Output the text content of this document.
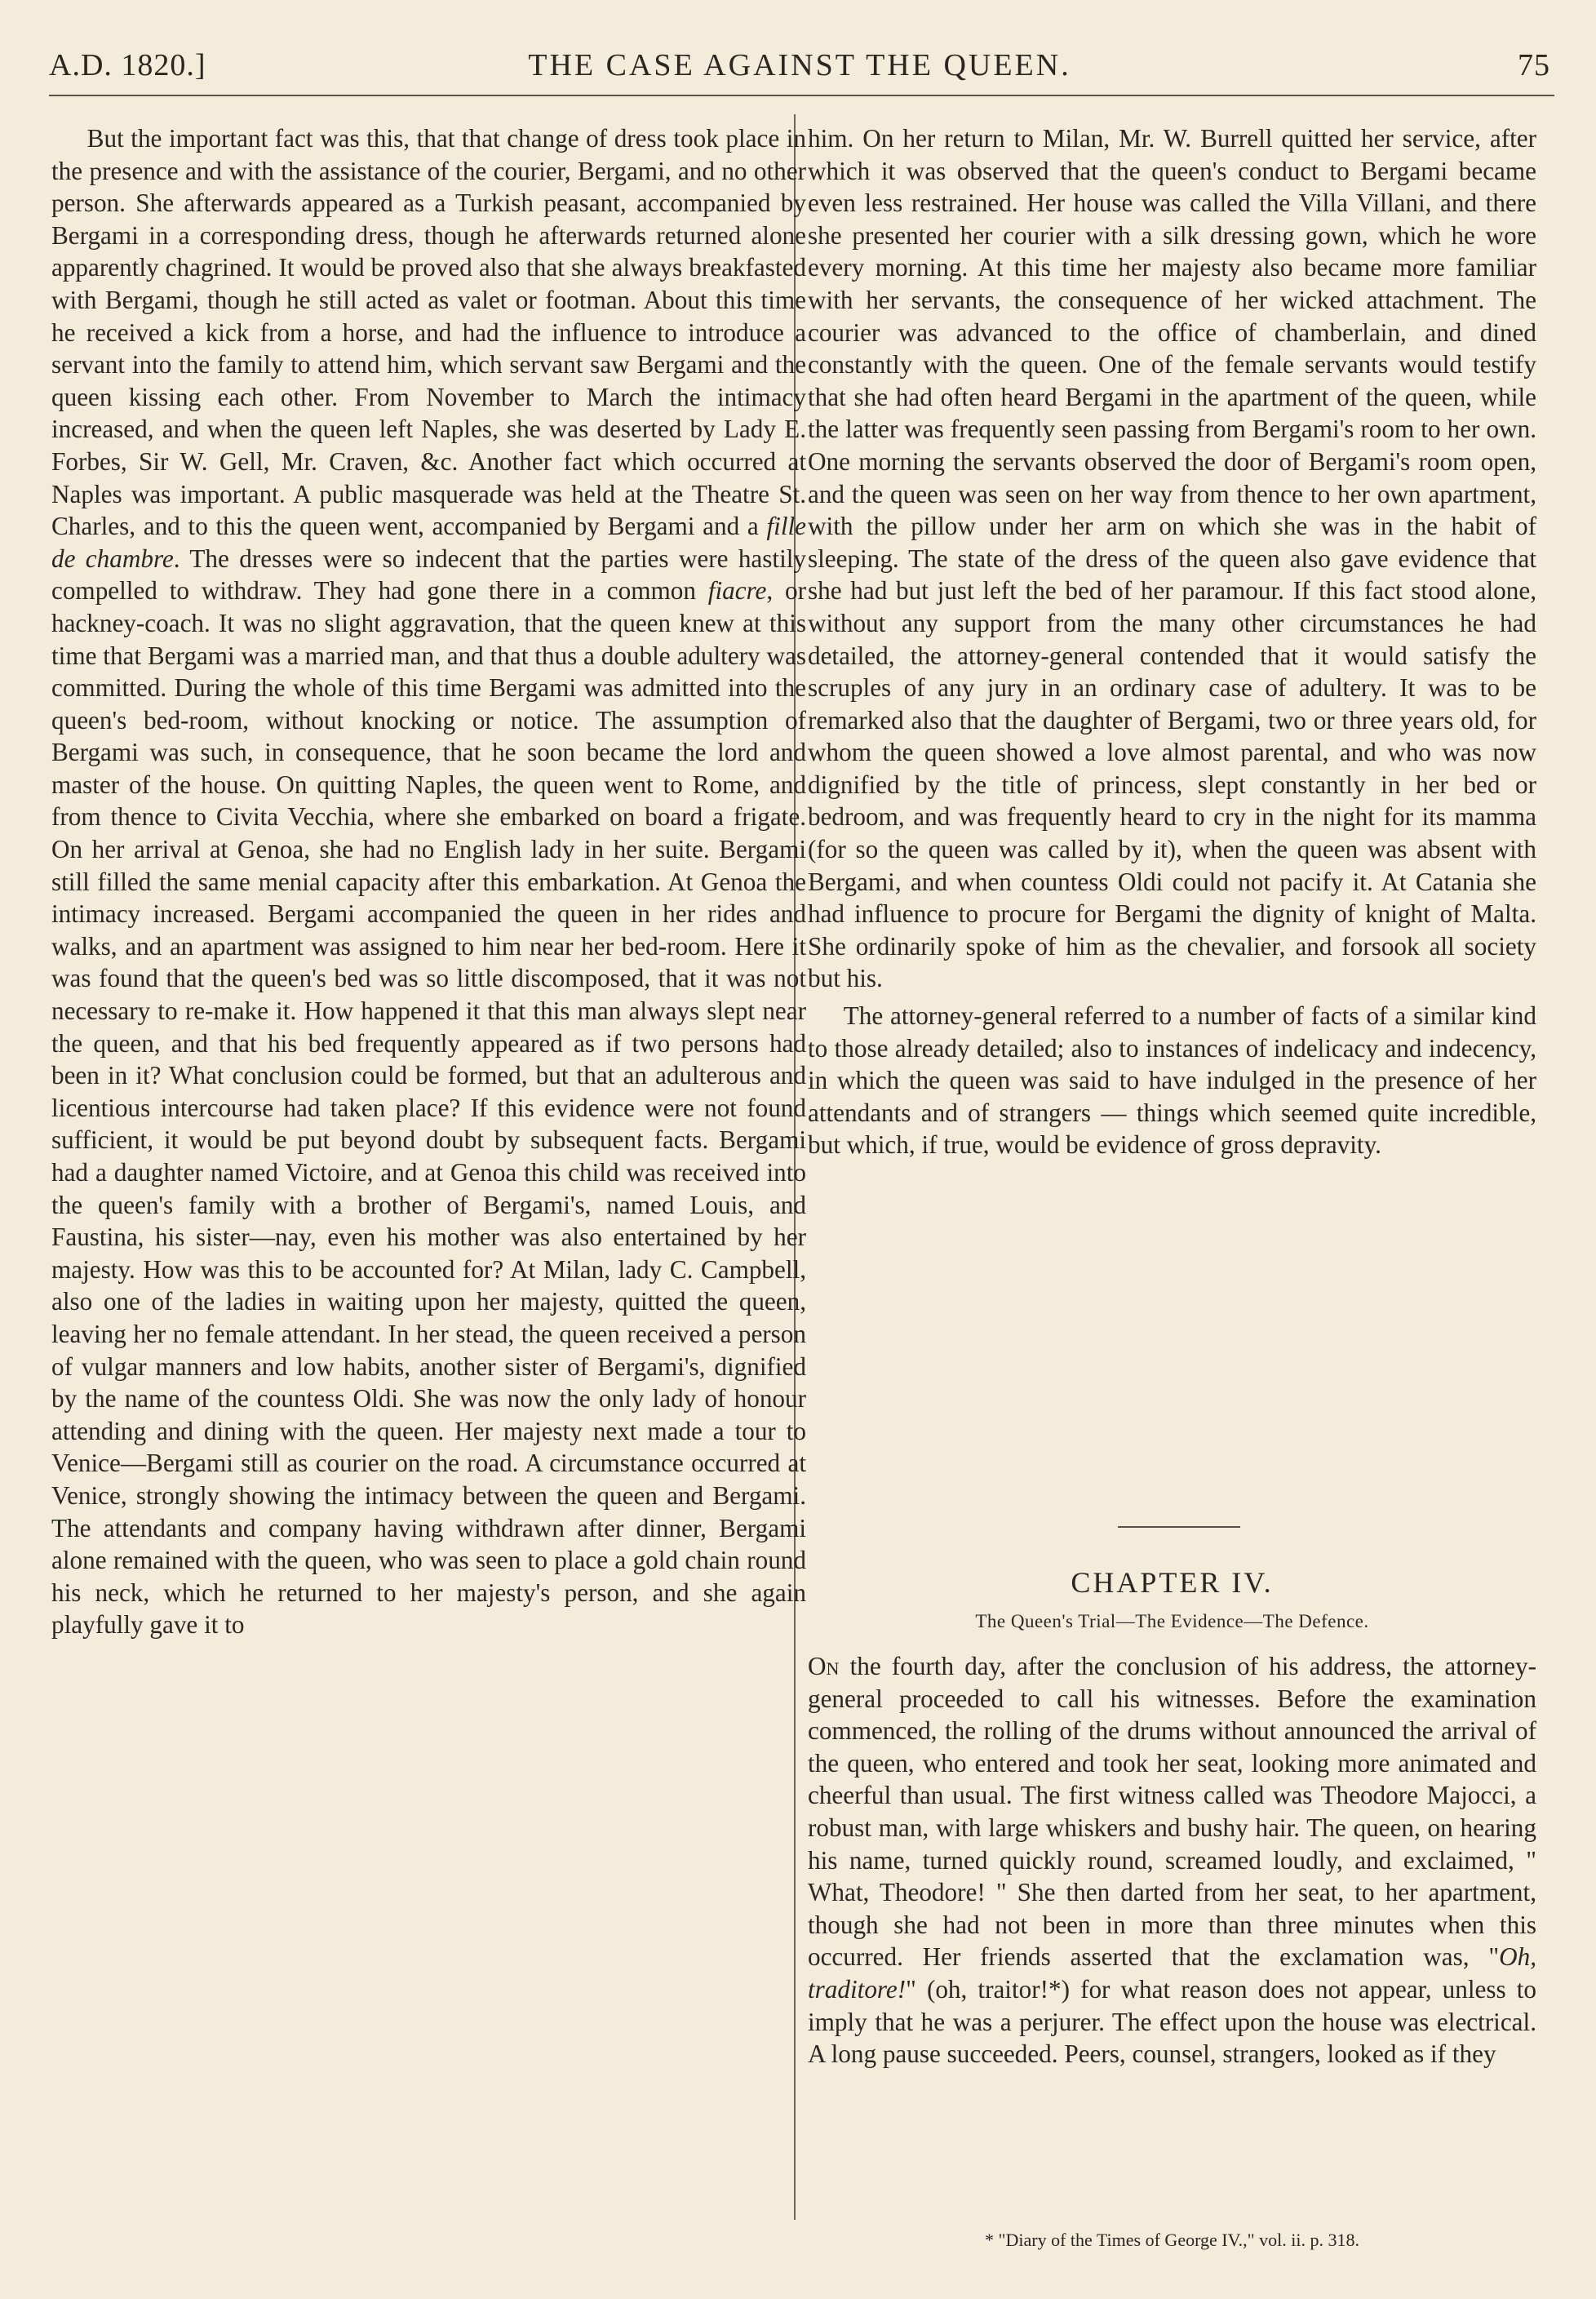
A.D. 1820.]	THE CASE AGAINST THE QUEEN.	75

But the important fact was this, that that change of dress took place in the presence and with the assistance of the courier, Bergami, and no other person. She afterwards appeared as a Turkish peasant, accompanied by Bergami in a corresponding dress, though he afterwards returned alone apparently chagrined. It would be proved also that she always breakfasted with Bergami, though he still acted as valet or footman. About this time he received a kick from a horse, and had the influence to introduce a servant into the family to attend him, which servant saw Bergami and the queen kissing each other. From November to March the intimacy increased, and when the queen left Naples, she was deserted by Lady E. Forbes, Sir W. Gell, Mr. Craven, &c. Another fact which occurred at Naples was important. A public masquerade was held at the Theatre St. Charles, and to this the queen went, accompanied by Bergami and a fille de chambre. The dresses were so indecent that the parties were hastily compelled to withdraw. They had gone there in a common fiacre, or hackney-coach. It was no slight aggravation, that the queen knew at this time that Bergami was a married man, and that thus a double adultery was committed. During the whole of this time Bergami was admitted into the queen's bed-room, without knocking or notice. The assumption of Bergami was such, in consequence, that he soon became the lord and master of the house. On quitting Naples, the queen went to Rome, and from thence to Civita Vecchia, where she embarked on board a frigate. On her arrival at Genoa, she had no English lady in her suite. Bergami still filled the same menial capacity after this embarkation. At Genoa the intimacy increased. Bergami accompanied the queen in her rides and walks, and an apartment was assigned to him near her bed-room. Here it was found that the queen's bed was so little discomposed, that it was not necessary to re-make it. How happened it that this man always slept near the queen, and that his bed frequently appeared as if two persons had been in it? What conclusion could be formed, but that an adulterous and licentious intercourse had taken place? If this evidence were not found sufficient, it would be put beyond doubt by subsequent facts. Bergami had a daughter named Victoire, and at Genoa this child was received into the queen's family with a brother of Bergami's, named Louis, and Faustina, his sister—nay, even his mother was also entertained by her majesty. How was this to be accounted for? At Milan, lady C. Campbell, also one of the ladies in waiting upon her majesty, quitted the queen, leaving her no female attendant. In her stead, the queen received a person of vulgar manners and low habits, another sister of Bergami's, dignified by the name of the countess Oldi. She was now the only lady of honour attending and dining with the queen. Her majesty next made a tour to Venice—Bergami still as courier on the road. A circumstance occurred at Venice, strongly showing the intimacy between the queen and Bergami. The attendants and company having withdrawn after dinner, Bergami alone remained with the queen, who was seen to place a gold chain round his neck, which he returned to her majesty's person, and she again playfully gave it to

him. On her return to Milan, Mr. W. Burrell quitted her service, after which it was observed that the queen's conduct to Bergami became even less restrained. Her house was called the Villa Villani, and there she presented her courier with a silk dressing gown, which he wore every morning. At this time her majesty also became more familiar with her servants, the consequence of her wicked attachment. The courier was advanced to the office of chamberlain, and dined constantly with the queen. One of the female servants would testify that she had often heard Bergami in the apartment of the queen, while the latter was frequently seen passing from Bergami's room to her own. One morning the servants observed the door of Bergami's room open, and the queen was seen on her way from thence to her own apartment, with the pillow under her arm on which she was in the habit of sleeping. The state of the dress of the queen also gave evidence that she had but just left the bed of her paramour. If this fact stood alone, without any support from the many other circumstances he had detailed, the attorney-general contended that it would satisfy the scruples of any jury in an ordinary case of adultery. It was to be remarked also that the daughter of Bergami, two or three years old, for whom the queen showed a love almost parental, and who was now dignified by the title of princess, slept constantly in her bed or bedroom, and was frequently heard to cry in the night for its mamma (for so the queen was called by it), when the queen was absent with Bergami, and when countess Oldi could not pacify it. At Catania she had influence to procure for Bergami the dignity of knight of Malta. She ordinarily spoke of him as the chevalier, and forsook all society but his.

The attorney-general referred to a number of facts of a similar kind to those already detailed; also to instances of indelicacy and indecency, in which the queen was said to have indulged in the presence of her attendants and of strangers — things which seemed quite incredible, but which, if true, would be evidence of gross depravity.

CHAPTER IV.
The Queen's Trial—The Evidence—The Defence.

On the fourth day, after the conclusion of his address, the attorney-general proceeded to call his witnesses. Before the examination commenced, the rolling of the drums without announced the arrival of the queen, who entered and took her seat, looking more animated and cheerful than usual. The first witness called was Theodore Majocci, a robust man, with large whiskers and bushy hair. The queen, on hearing his name, turned quickly round, screamed loudly, and exclaimed, " What, Theodore! " She then darted from her seat, to her apartment, though she had not been in more than three minutes when this occurred. Her friends asserted that the exclamation was, "Oh, traditore!" (oh, traitor!*) for what reason does not appear, unless to imply that he was a perjurer. The effect upon the house was electrical. A long pause succeeded. Peers, counsel, strangers, looked as if they

* "Diary of the Times of George IV.," vol. ii. p. 318.
